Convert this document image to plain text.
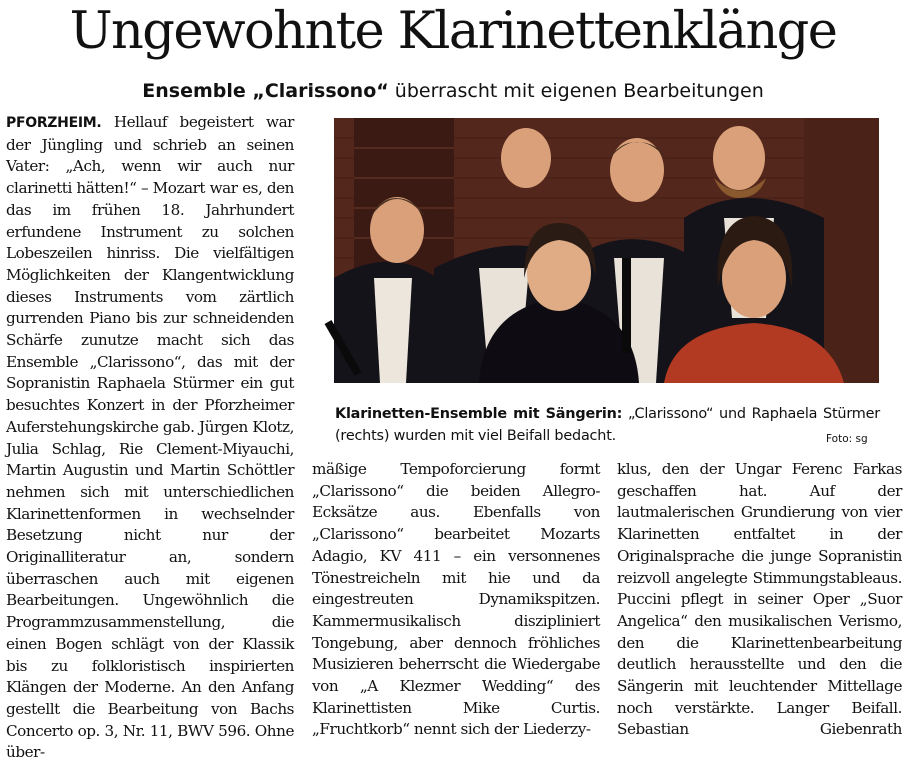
Ungewohnte Klarinettenklänge
Ensemble „Clarissono“ überrascht mit eigenen Bearbeitungen

PFORZHEIM. Hellauf begeistert war der Jüngling und schrieb an seinen Vater: „Ach, wenn wir auch nur clarinetti hätten!“ – Mozart war es, den das im frühen 18. Jahrhundert erfundene Instrument zu solchen Lobeszeilen hinriss. Die vielfältigen Möglichkeiten der Klangentwicklung dieses Instruments vom zärtlich gurrenden Piano bis zur schneidenden Schärfe zunutze macht sich das Ensemble „Clarissono“, das mit der Sopranistin Raphaela Stürmer ein gut besuchtes Konzert in der Pforzheimer Auferstehungskirche gab. Jürgen Klotz, Julia Schlag, Rie Clement-Miyauchi, Martin Augustin und Martin Schöttler nehmen sich mit unterschiedlichen Klarinettenformen in wechselnder Besetzung nicht nur der Originalliteratur an, sondern überraschen auch mit eigenen Bearbeitungen. Ungewöhnlich die Programmzusammenstellung, die einen Bogen schlägt von der Klassik bis zu folkloristisch inspirierten Klängen der Moderne. An den Anfang gestellt die Bearbeitung von Bachs Concerto op. 3, Nr. 11, BWV 596. Ohne über-

Klarinetten-Ensemble mit Sängerin: „Clarissono“ und Raphaela Stürmer (rechts) wurden mit viel Beifall bedacht.	Foto: sg

mäßige Tempoforcierung formt „Clarissono“ die beiden Allegro-Ecksätze aus. Ebenfalls von „Clarissono“ bearbeitet Mozarts Adagio, KV 411 – ein versonnenes Tönestreicheln mit hie und da eingestreuten Dynamikspitzen. Kammermusikalisch diszipliniert Tongebung, aber dennoch fröhliches Musizieren beherrscht die Wiedergabe von „A Klezmer Wedding“ des Klarinettisten Mike Curtis. „Fruchtkorb“ nennt sich der Liederzy-

klus, den der Ungar Ferenc Farkas geschaffen hat. Auf der lautmalerischen Grundierung von vier Klarinetten entfaltet in der Originalsprache die junge Sopranistin reizvoll angelegte Stimmungstableaus. Puccini pflegt in seiner Oper „Suor Angelica“ den musikalischen Verismo, den die Klarinettenbearbeitung deutlich herausstellte und den die Sängerin mit leuchtender Mittellage noch verstärkte. Langer Beifall. Sebastian Giebenrath
